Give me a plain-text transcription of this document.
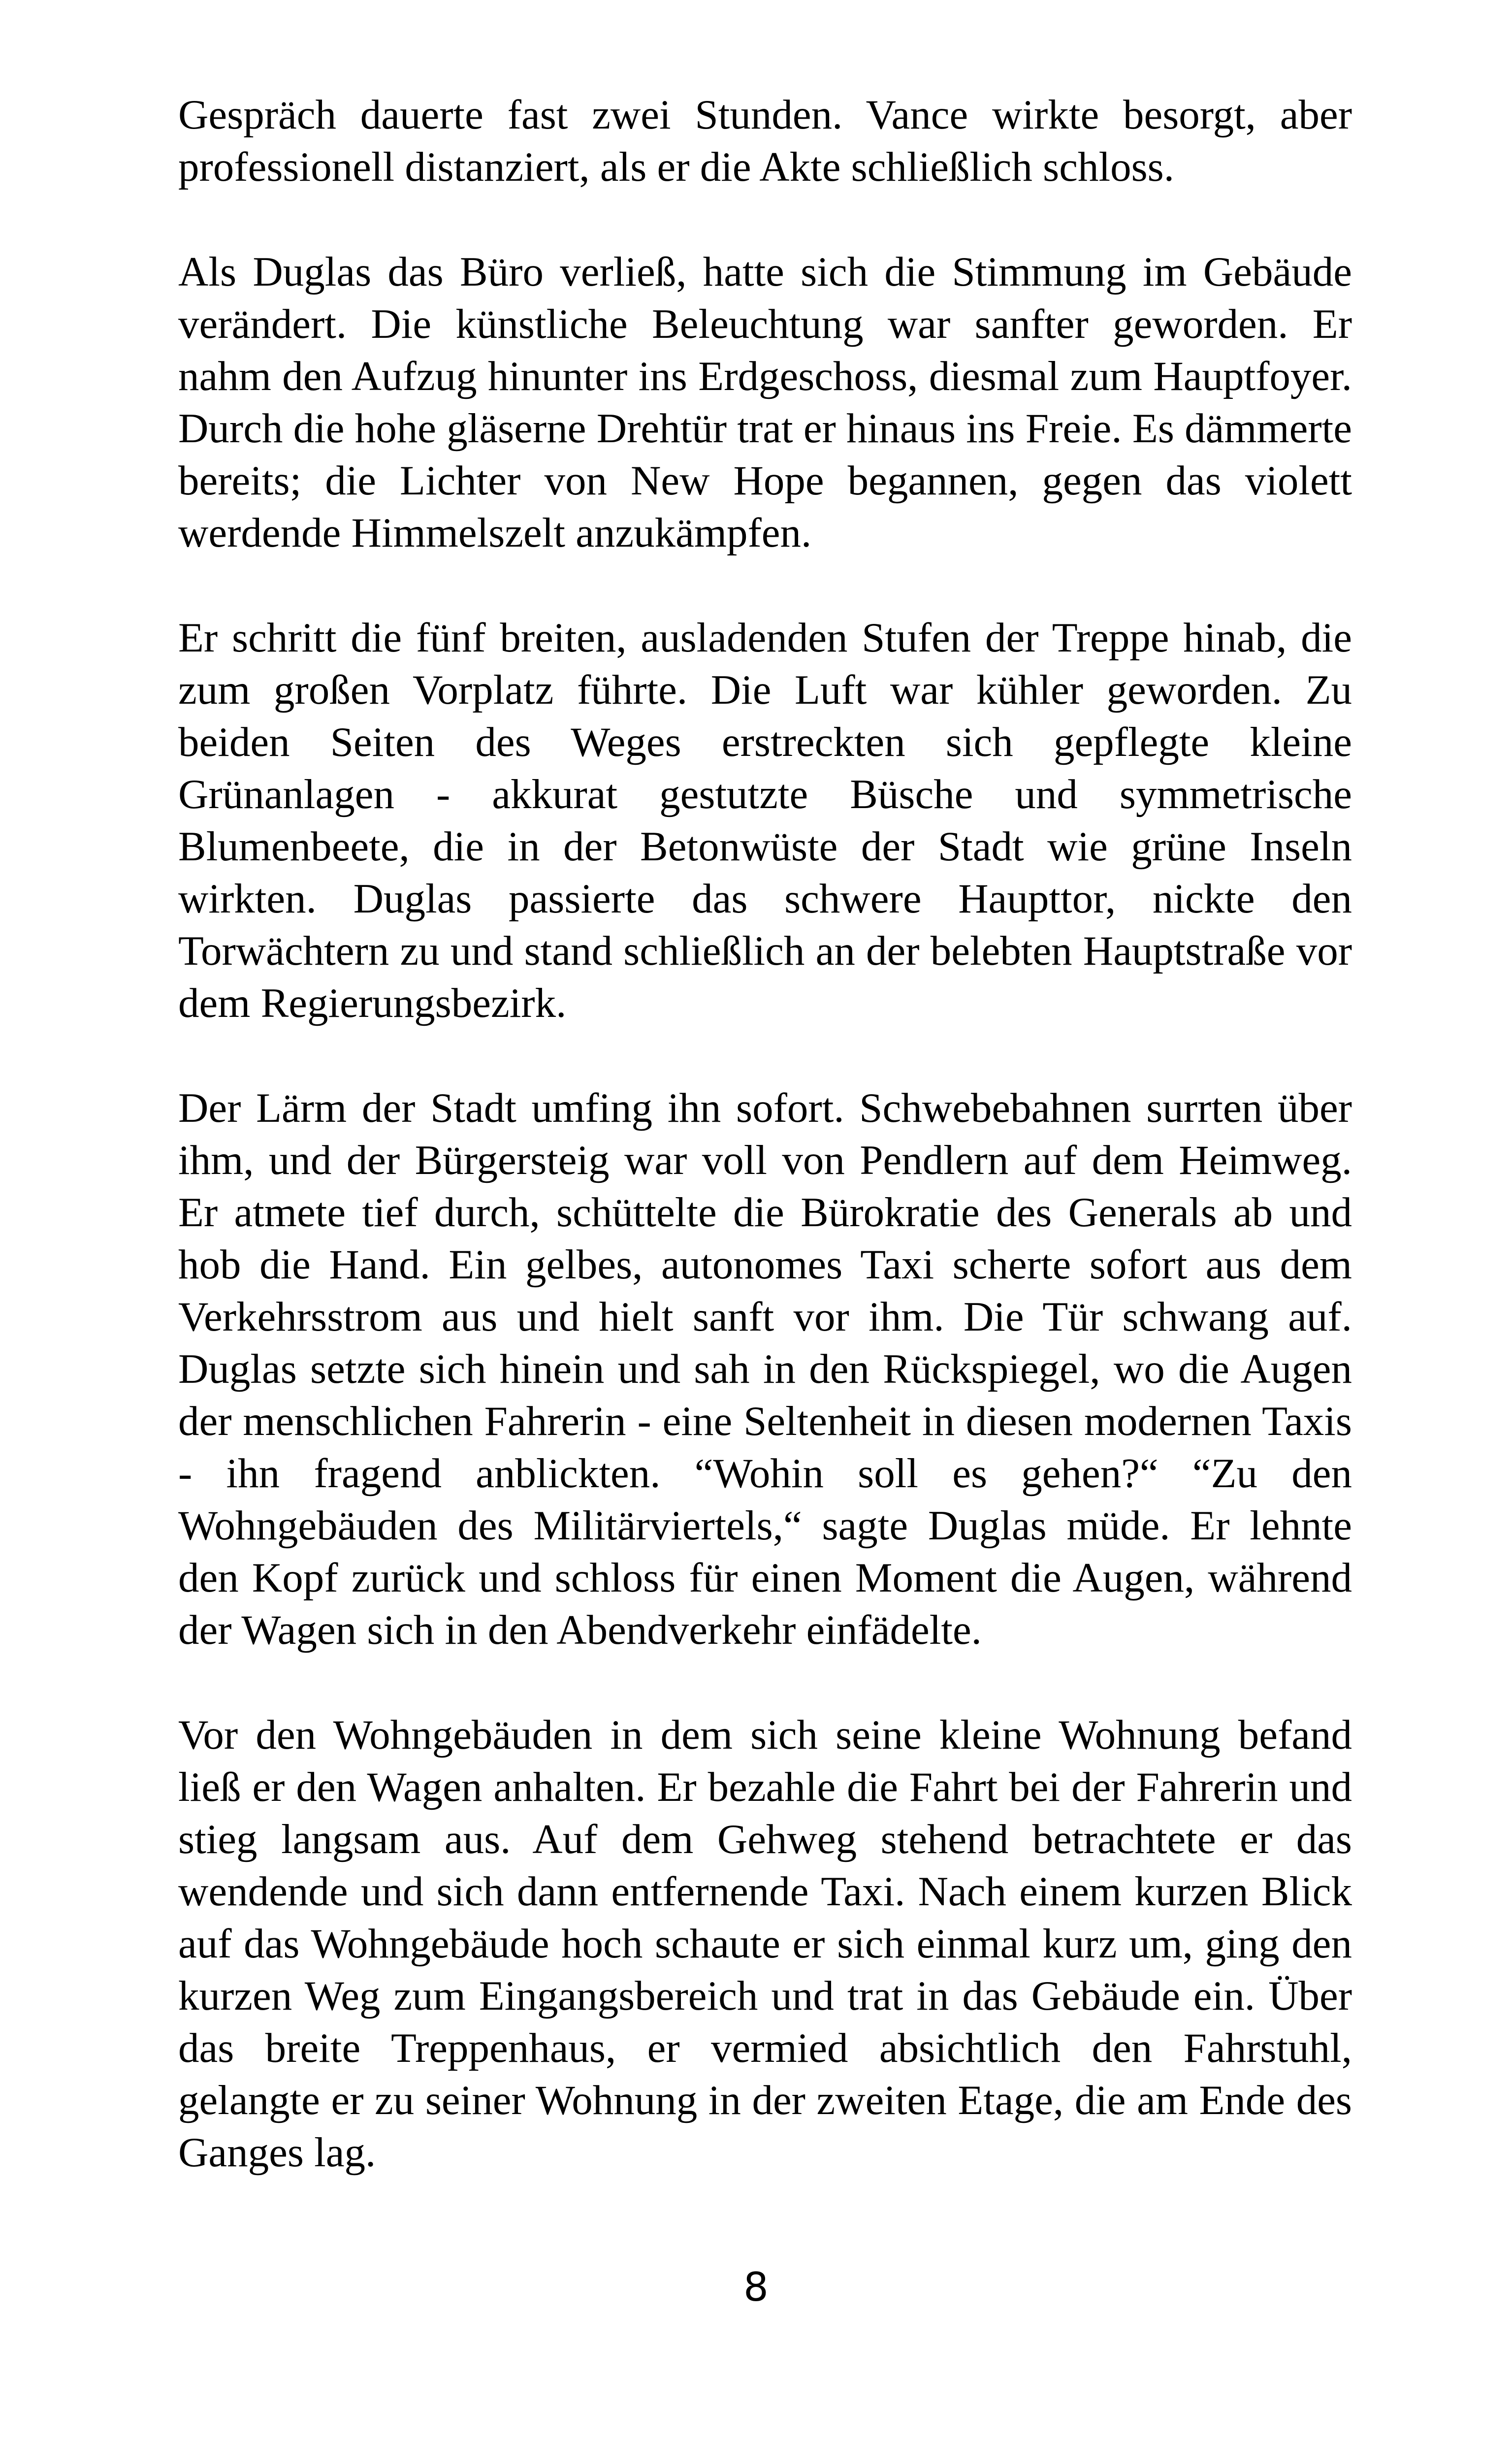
Gespräch dauerte fast zwei Stunden. Vance wirkte besorgt, aber professionell distanziert, als er die Akte schließlich schloss.

Als Duglas das Büro verließ, hatte sich die Stimmung im Gebäude verändert. Die künstliche Beleuchtung war sanfter geworden. Er nahm den Aufzug hinunter ins Erdgeschoss, diesmal zum Hauptfoyer. Durch die hohe gläserne Drehtür trat er hinaus ins Freie. Es dämmerte bereits; die Lichter von New Hope begannen, gegen das violett werdende Himmelszelt anzukämpfen.

Er schritt die fünf breiten, ausladenden Stufen der Treppe hinab, die zum großen Vorplatz führte. Die Luft war kühler geworden. Zu beiden Seiten des Weges erstreckten sich gepflegte kleine Grünanlagen - akkurat gestutzte Büsche und symmetrische Blumenbeete, die in der Betonwüste der Stadt wie grüne Inseln wirkten. Duglas passierte das schwere Haupttor, nickte den Torwächtern zu und stand schließlich an der belebten Hauptstraße vor dem Regierungsbezirk.

Der Lärm der Stadt umfing ihn sofort. Schwebebahnen surrten über ihm, und der Bürgersteig war voll von Pendlern auf dem Heimweg. Er atmete tief durch, schüttelte die Bürokratie des Generals ab und hob die Hand. Ein gelbes, autonomes Taxi scherte sofort aus dem Verkehrsstrom aus und hielt sanft vor ihm. Die Tür schwang auf. Duglas setzte sich hinein und sah in den Rückspiegel, wo die Augen der menschlichen Fahrerin - eine Seltenheit in diesen modernen Taxis - ihn fragend anblickten. “Wohin soll es gehen?“ “Zu den Wohngebäuden des Militärviertels,“ sagte Duglas müde. Er lehnte den Kopf zurück und schloss für einen Moment die Augen, während der Wagen sich in den Abendverkehr einfädelte.

Vor den Wohngebäuden in dem sich seine kleine Wohnung befand ließ er den Wagen anhalten. Er bezahle die Fahrt bei der Fahrerin und stieg langsam aus. Auf dem Gehweg stehend betrachtete er das wendende und sich dann entfernende Taxi. Nach einem kurzen Blick auf das Wohngebäude hoch schaute er sich einmal kurz um, ging den kurzen Weg zum Eingangsbereich und trat in das Gebäude ein. Über das breite Treppenhaus, er vermied absichtlich den Fahrstuhl, gelangte er zu seiner Wohnung in der zweiten Etage, die am Ende des Ganges lag.

8
